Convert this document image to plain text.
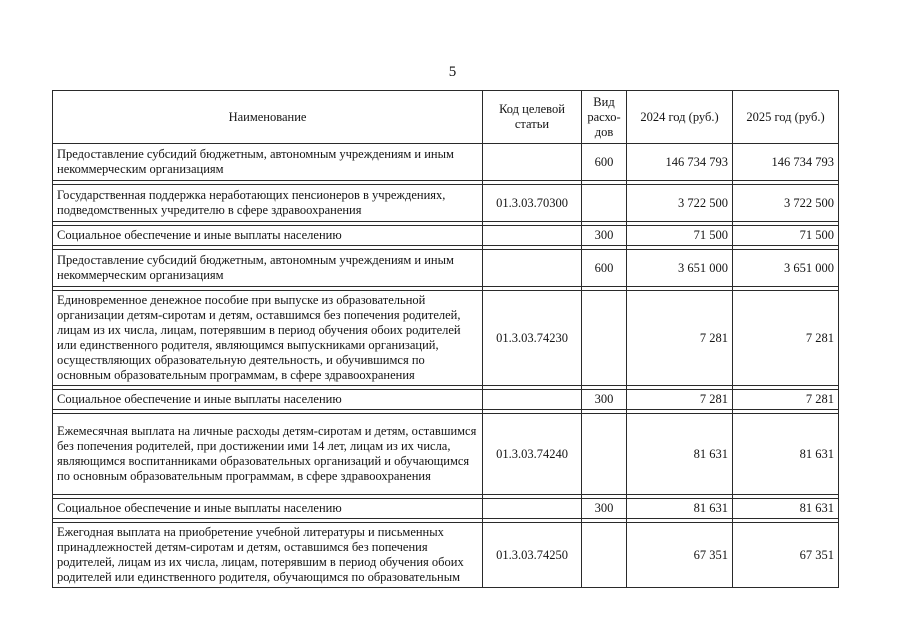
5
Наименование	Код целевой статьи	Вид расхо-дов	2024 год (руб.)	2025 год (руб.)
Предоставление субсидий бюджетным, автономным учреждениям и иным некоммерческим организациям		600	146 734 793	146 734 793

Государственная поддержка неработающих пенсионеров в учреждениях, подведомственных учредителю в сфере здравоохранения	01.3.03.70300		3 722 500	3 722 500

Социальное обеспечение и иные выплаты населению		300	71 500	71 500

Предоставление субсидий бюджетным, автономным учреждениям и иным некоммерческим организациям		600	3 651 000	3 651 000

Единовременное денежное пособие при выпуске из образовательной организации детям-сиротам и детям, оставшимся без попечения родителей, лицам из их числа, лицам, потерявшим в период обучения обоих родителей или единственного родителя, являющимся выпускниками организаций, осуществляющих образовательную деятельность, и обучившимся по основным образовательным программам, в сфере здравоохранения	01.3.03.74230		7 281	7 281

Социальное обеспечение и иные выплаты населению		300	7 281	7 281

Ежемесячная выплата на личные расходы детям-сиротам и детям, оставшимся без попечения родителей, при достижении ими 14 лет, лицам из их числа, являющимся воспитанниками образовательных организаций и обучающимся по основным образовательным программам, в сфере здравоохранения	01.3.03.74240		81 631	81 631

Социальное обеспечение и иные выплаты населению		300	81 631	81 631

Ежегодная выплата на приобретение учебной литературы и письменных принадлежностей детям-сиротам и детям, оставшимся без попечения родителей, лицам из их числа, лицам, потерявшим в период обучения обоих родителей или единственного родителя, обучающимся по образовательным	01.3.03.74250		67 351	67 351
